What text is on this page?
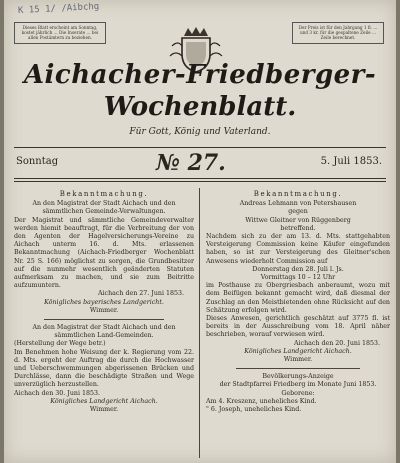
K 15 1/ /Aibchg
Dieses Blatt erscheint am Sonntag, kostet jährlich ... Die Inserate ... bei allen Postämtern zu beziehen.
Der Preis ist für den Jahrgang 1 fl. ... und 3 kr. für die gespaltene Zeile ... Zeile berechnet.
Aichacher-Friedberger-
Wochenblatt.
Für Gott, König und Vaterland.
Sonntag	№ 27.	5. Juli 1853.

Bekanntmachung.

An den Magistrat der Stadt Aichach und den sämmtlichen Gemeinde-Verwaltungen.

Der Magistrat und sämmtliche Gemeindeverwalter werden hiemit beauftragt, für die Verbreitung der von den Agenten der Hagelversicherungs-Vereine zu Aichach unterm 16. d. Mts. erlassenen Bekanntmachung (Aichach-Friedberger Wochenblatt Nr. 25 S. 166) möglichst zu sorgen, die Grundbesitzer auf die nunmehr wesentlich geänderten Statuten aufmerksam zu machen, und sie zum Beitritte aufzumuntern.

Aichach den 27. Juni 1853.

Königliches bayerisches Landgericht.

Wimmer.

An den Magistrat der Stadt Aichach und den sämmtlichen Land-Gemeinden.

(Herstellung der Wege betr.)

Im Benehmen hohe Weisung der k. Regierung vom 22. d. Mts. ergeht der Auftrag die durch die Hochwasser und Ueberschwemmungen abgerissenen Brücken und Durchlässe, dann die beschädigte Straßen und Wege unverzüglich herzustellen.

Aichach den 30. Juni 1853.

Königliches Landgericht Aichach.

Wimmer.

Bekanntmachung.

Andreas Lehmann von Petershausen

gegen

Wittwe Gleitner von Rüggenberg

betreffend.

Nachdem sich zu der am 13. d. Mts. stattgehabten Versteigerung Commission keine Käufer eingefunden haben, so ist zur Versteigerung des Gleitner'schen Anwesens wiederholt Commission auf

Donnerstag den 28. Juli l. Js.

Vormittags 10 – 12 Uhr

im Posthause zu Obergriesbach anberaumt, wozu mit dem Beifügen bekannt gemacht wird, daß diesmal der Zuschlag an den Meistbietenden ohne Rücksicht auf den Schätzung erfolgen wird.

Dieses Anwesen, gerichtlich geschätzt auf 3775 fl. ist bereits in der Ausschreibung vom 18. April näher beschrieben, worauf verwiesen wird.

Aichach den 20. Juni 1853.

Königliches Landgericht Aichach.

Wimmer.

Bevölkerungs-Anzeige

der Stadtpfarrei Friedberg im Monate Juni 1853.

Geborene:

Am 4. Kreszenz, uneheliches Kind.

" 6. Joseph, uneheliches Kind.
